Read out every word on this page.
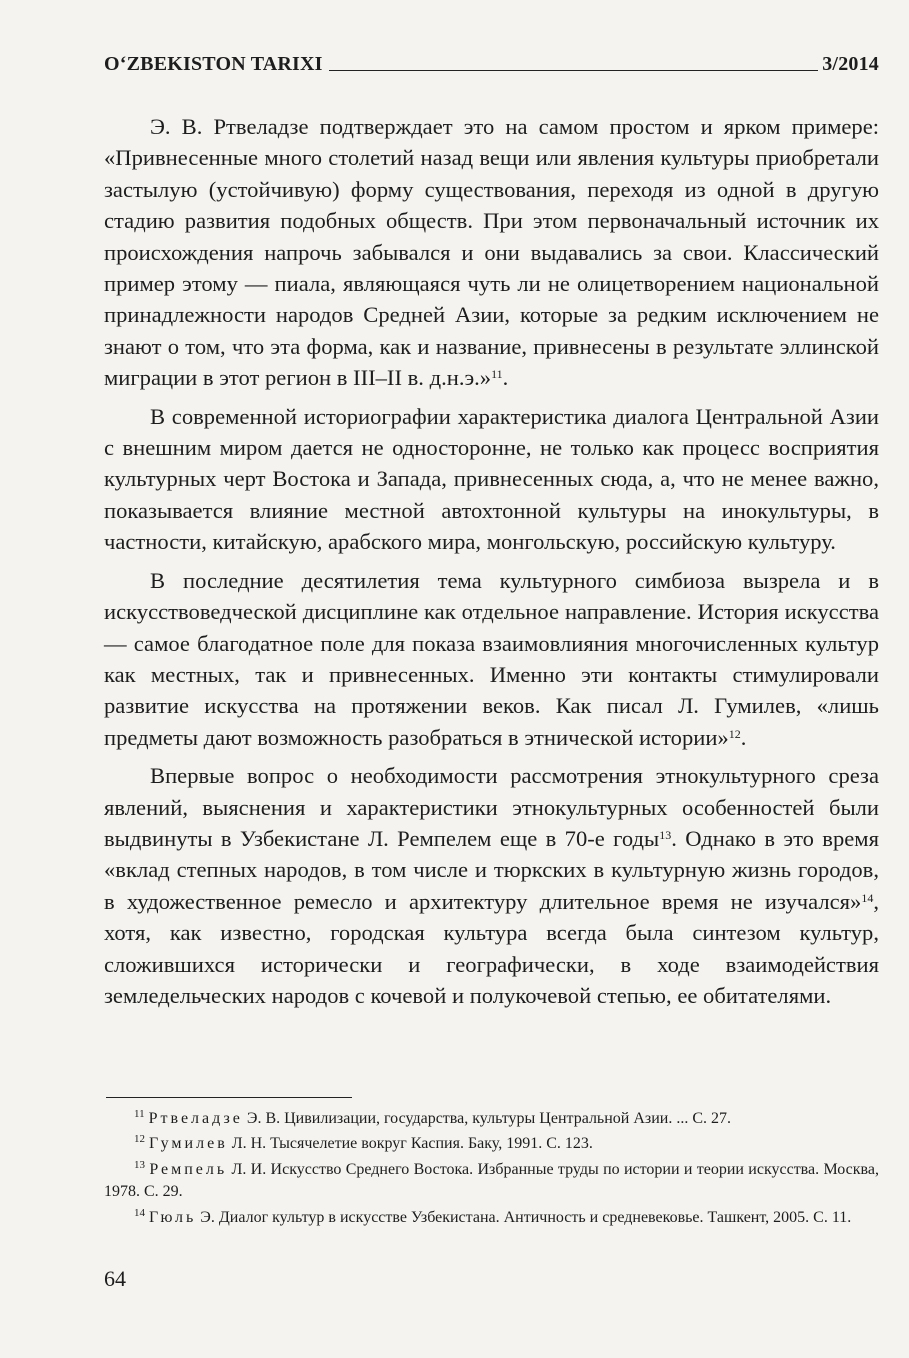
O‘ZBEKISTON TARIXI	3/2014

Э. В. Ртвеладзе подтверждает это на самом простом и ярком примере: «Привнесенные много столетий назад вещи или явления культуры приобретали застылую (устойчивую) форму существования, переходя из одной в другую стадию развития подобных обществ. При этом первоначальный источник их происхождения напрочь забывался и они выдавались за свои. Классический пример этому — пиала, являющаяся чуть ли не олицетворением национальной принадлежности народов Средней Азии, которые за редким исключением не знают о том, что эта форма, как и название, привнесены в результате эллинской миграции в этот регион в III–II в. д.н.э.»$^{11}$.

В современной историографии характеристика диалога Центральной Азии с внешним миром дается не односторонне, не только как процесс восприятия культурных черт Востока и Запада, привнесенных сюда, а, что не менее важно, показывается влияние местной автохтонной культуры на инокультуры, в частности, китайскую, арабского мира, монгольскую, российскую культуру.

В последние десятилетия тема культурного симбиоза вызрела и в искусствоведческой дисциплине как отдельное направление. История искусства — самое благодатное поле для показа взаимовлияния многочисленных культур как местных, так и привнесенных. Именно эти контакты стимулировали развитие искусства на протяжении веков. Как писал Л. Гумилев, «лишь предметы дают возможность разобраться в этнической истории»$^{12}$.

Впервые вопрос о необходимости рассмотрения этнокультурного среза явлений, выяснения и характеристики этнокультурных особенностей были выдвинуты в Узбекистане Л. Ремпелем еще в 70-е годы$^{13}$. Однако в это время «вклад степных народов, в том числе и тюркских в культурную жизнь городов, в художественное ремесло и архитектуру длительное время не изучался»$^{14}$, хотя, как известно, городская культура всегда была синтезом культур, сложившихся исторически и географически, в ходе взаимодействия земледельческих народов с кочевой и полукочевой степью, ее обитателями.

$^{11}$ Ртвеладзе Э. В. Цивилизации, государства, культуры Центральной Азии. ... С. 27.

$^{12}$ Гумилев Л. Н. Тысячелетие вокруг Каспия. Баку, 1991. С. 123.

$^{13}$ Ремпель Л. И. Искусство Среднего Востока. Избранные труды по истории и теории искусства. Москва, 1978. С. 29.

$^{14}$ Гюль Э. Диалог культур в искусстве Узбекистана. Античность и средневековье. Ташкент, 2005. С. 11.

64
